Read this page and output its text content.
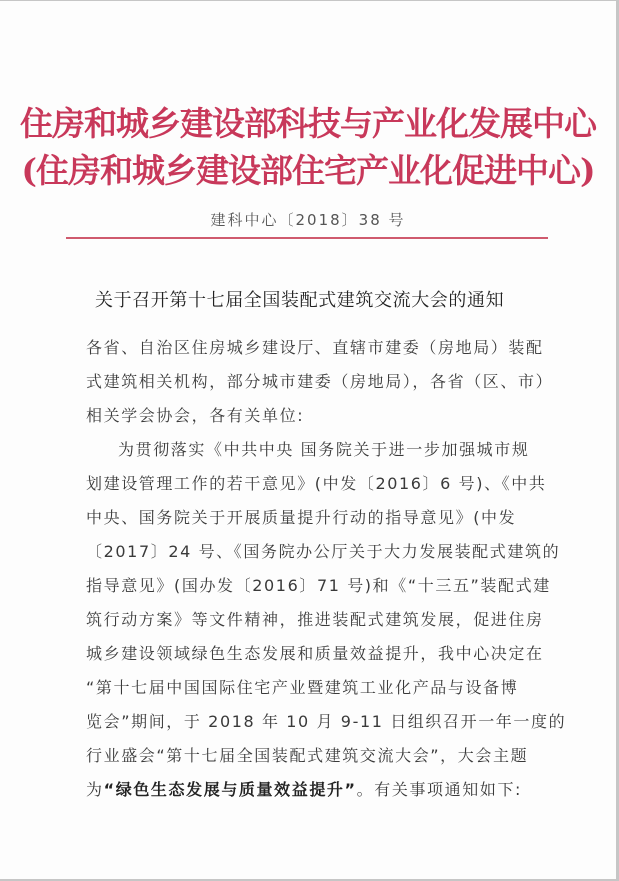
住房和城乡建设部科技与产业化发展中心
(住房和城乡建设部住宅产业化促进中心)
建科中心〔2018〕38 号
关于召开第十七届全国装配式建筑交流大会的通知
各省、自治区住房城乡建设厅、直辖市建委（房地局）装配
式建筑相关机构，部分城市建委（房地局），各省（区、市）
相关学会协会，各有关单位:
为贯彻落实《中共中央 国务院关于进一步加强城市规
划建设管理工作的若干意见》(中发〔2016〕6 号)、《中共
中央、国务院关于开展质量提升行动的指导意见》(中发
〔2017〕24 号、《国务院办公厅关于大力发展装配式建筑的
指导意见》(国办发〔2016〕71 号)和《“十三五”装配式建
筑行动方案》等文件精神，推进装配式建筑发展，促进住房
城乡建设领域绿色生态发展和质量效益提升，我中心决定在
“第十七届中国国际住宅产业暨建筑工业化产品与设备博
览会”期间，于 2018 年 10 月 9-11 日组织召开一年一度的
行业盛会“第十七届全国装配式建筑交流大会”，大会主题
为“绿色生态发展与质量效益提升”。有关事项通知如下:
